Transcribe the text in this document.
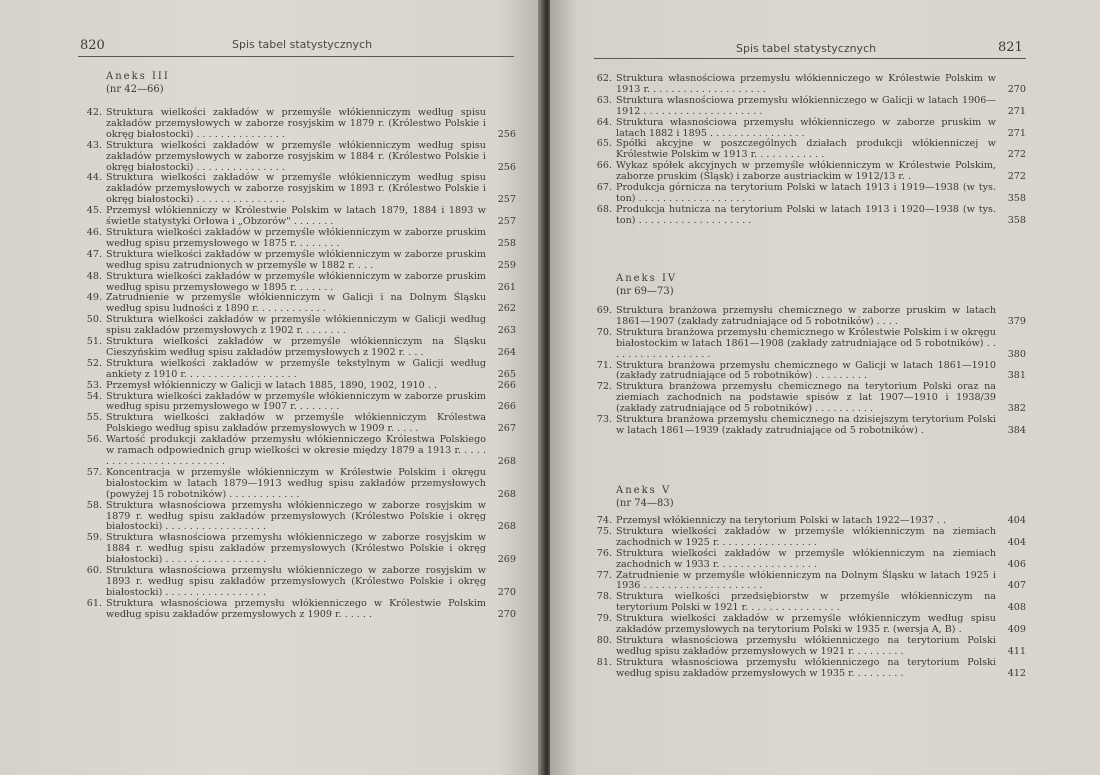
820	Spis tabel statystycznych
Aneks III
(nr 42—66)
42. Struktura wielkości zakładów w przemyśle włókienniczym według spisu zakładów przemysłowych w zaborze rosyjskim w 1879 r. (Królestwo Polskie i okręg białostocki) . . . . . . . . . . . . . . .	256
43. Struktura wielkości zakładów w przemyśle włókienniczym według spisu zakładów przemysłowych w zaborze rosyjskim w 1884 r. (Królestwo Polskie i okręg białostocki) . . . . . . . . . . . . . . .	256
44. Struktura wielkości zakładów w przemyśle włókienniczym według spisu zakładów przemysłowych w zaborze rosyjskim w 1893 r. (Królestwo Polskie i okręg białostocki) . . . . . . . . . . . . . . .	257
45. Przemysł włókienniczy w Królestwie Polskim w latach 1879, 1884 i 1893 w świetle statystyki Orłowa i „Obzorów" . . . . . . .	257
46. Struktura wielkości zakładów w przemyśle włókienniczym w zaborze pruskim według spisu przemysłowego w 1875 r. . . . . . . .	258
47. Struktura wielkości zakładów w przemyśle włókienniczym w zaborze pruskim według spisu zatrudnionych w przemyśle w 1882 r. . . .	259
48. Struktura wielkości zakładów w przemyśle włókienniczym w zaborze pruskim według spisu przemysłowego w 1895 r. . . . . . .	261
49. Zatrudnienie w przemyśle włókienniczym w Galicji i na Dolnym Śląsku według spisu ludności z 1890 r. . . . . . . . . . . .	262
50. Struktura wielkości zakładów w przemyśle włókienniczym w Galicji według spisu zakładów przemysłowych z 1902 r. . . . . . . .	263
51. Struktura wielkości zakładów w przemyśle włókienniczym na Śląsku Cieszyńskim według spisu zakładów przemysłowych z 1902 r. . . .	264
52. Struktura wielkości zakładów w przemyśle tekstylnym w Galicji według ankiety z 1910 r. . . . . . . . . . . . . . . . . . .	265
53. Przemysł włókienniczy w Galicji w latach 1885, 1890, 1902, 1910 . .	266
54. Struktura wielkości zakładów w przemyśle włókienniczym w zaborze pruskim według spisu przemysłowego w 1907 r. . . . . . . .	266
55. Struktura wielkości zakładów w przemyśle włókienniczym Królestwa Polskiego według spisu zakładów przemysłowych w 1909 r. . . . .	267
56. Wartość produkcji zakładów przemysłu włókienniczego Królestwa Polskiego w ramach odpowiednich grup wielkości w okresie między 1879 a 1913 r. . . . . . . . . . . . . . . . . . . . . . . . .	268
57. Koncentracja w przemyśle włókienniczym w Królestwie Polskim i okręgu białostockim w latach 1879—1913 według spisu zakładów przemysłowych (powyżej 15 robotników) . . . . . . . . . . . .	268
58. Struktura własnościowa przemysłu włókienniczego w zaborze rosyjskim w 1879 r. według spisu zakładów przemysłowych (Królestwo Polskie i okręg białostocki) . . . . . . . . . . . . . . . . .	268
59. Struktura własnościowa przemysłu włókienniczego w zaborze rosyjskim w 1884 r. według spisu zakładów przemysłowych (Królestwo Polskie i okręg białostocki) . . . . . . . . . . . . . . . . .	269
60. Struktura własnościowa przemysłu włókienniczego w zaborze rosyjskim w 1893 r. według spisu zakładów przemysłowych (Królestwo Polskie i okręg białostocki) . . . . . . . . . . . . . . . . .	270
61. Struktura własnościowa przemysłu włókienniczego w Królestwie Polskim według spisu zakładów przemysłowych z 1909 r. . . . . .	270
Spis tabel statystycznych	821
62. Struktura własnościowa przemysłu włókienniczego w Królestwie Polskim w 1913 r. . . . . . . . . . . . . . . . . . . .	270
63. Struktura własnościowa przemysłu włókienniczego w Galicji w latach 1906—1912 . . . . . . . . . . . . . . . . . . . .	271
64. Struktura własnościowa przemysłu włókienniczego w zaborze pruskim w latach 1882 i 1895 . . . . . . . . . . . . . . . .	271
65. Spółki akcyjne w poszczególnych działach produkcji włókienniczej w Królestwie Polskim w 1913 r. . . . . . . . . . . .	272
66. Wykaz spółek akcyjnych w przemyśle włókienniczym w Królestwie Polskim, zaborze pruskim (Śląsk) i zaborze austriackim w 1912/13 r. .	272
67. Produkcja górnicza na terytorium Polski w latach 1913 i 1919—1938 (w tys. ton) . . . . . . . . . . . . . . . . . . .	358
68. Produkcja hutnicza na terytorium Polski w latach 1913 i 1920—1938 (w tys. ton) . . . . . . . . . . . . . . . . . . .	358
Aneks IV
(nr 69—73)
69. Struktura branżowa przemysłu chemicznego w zaborze pruskim w latach 1861—1907 (zakłady zatrudniające od 5 robotników) . . . .	379
70. Struktura branżowa przemysłu chemicznego w Królestwie Polskim i w okręgu białostockim w latach 1861—1908 (zakłady zatrudniające od 5 robotników) . . . . . . . . . . . . . . . . . .	380
71. Struktura branżowa przemysłu chemicznego w Galicji w latach 1861—1910 (zakłady zatrudniające od 5 robotników) . . . . . . . . .	381
72. Struktura branżowa przemysłu chemicznego na terytorium Polski oraz na ziemiach zachodnich na podstawie spisów z lat 1907—1910 i 1938/39 (zakłady zatrudniające od 5 robotników) . . . . . . . . . .	382
73. Struktura branżowa przemysłu chemicznego na dzisiejszym terytorium Polski w latach 1861—1939 (zakłady zatrudniające od 5 robotników) .	384
Aneks V
(nr 74—83)
74. Przemysł włókienniczy na terytorium Polski w latach 1922—1937 . .	404
75. Struktura wielkości zakładów w przemyśle włókienniczym na ziemiach zachodnich w 1925 r. . . . . . . . . . . . . . . . .	404
76. Struktura wielkości zakładów w przemyśle włókienniczym na ziemiach zachodnich w 1933 r. . . . . . . . . . . . . . . . .	406
77. Zatrudnienie w przemyśle włókienniczym na Dolnym Śląsku w latach 1925 i 1936 . . . . . . . . . . . . . . . . . . . .	407
78. Struktura wielkości przedsiębiorstw w przemyśle włókienniczym na terytorium Polski w 1921 r. . . . . . . . . . . . . . . .	408
79. Struktura wielkości zakładów w przemyśle włókienniczym według spisu zakładów przemysłowych na terytorium Polski w 1935 r. (wersja A, B) .	409
80. Struktura własnościowa przemysłu włókienniczego na terytorium Polski według spisu zakładów przemysłowych w 1921 r. . . . . . . . .	411
81. Struktura własnościowa przemysłu włókienniczego na terytorium Polski według spisu zakładów przemysłowych w 1935 r. . . . . . . . .	412
